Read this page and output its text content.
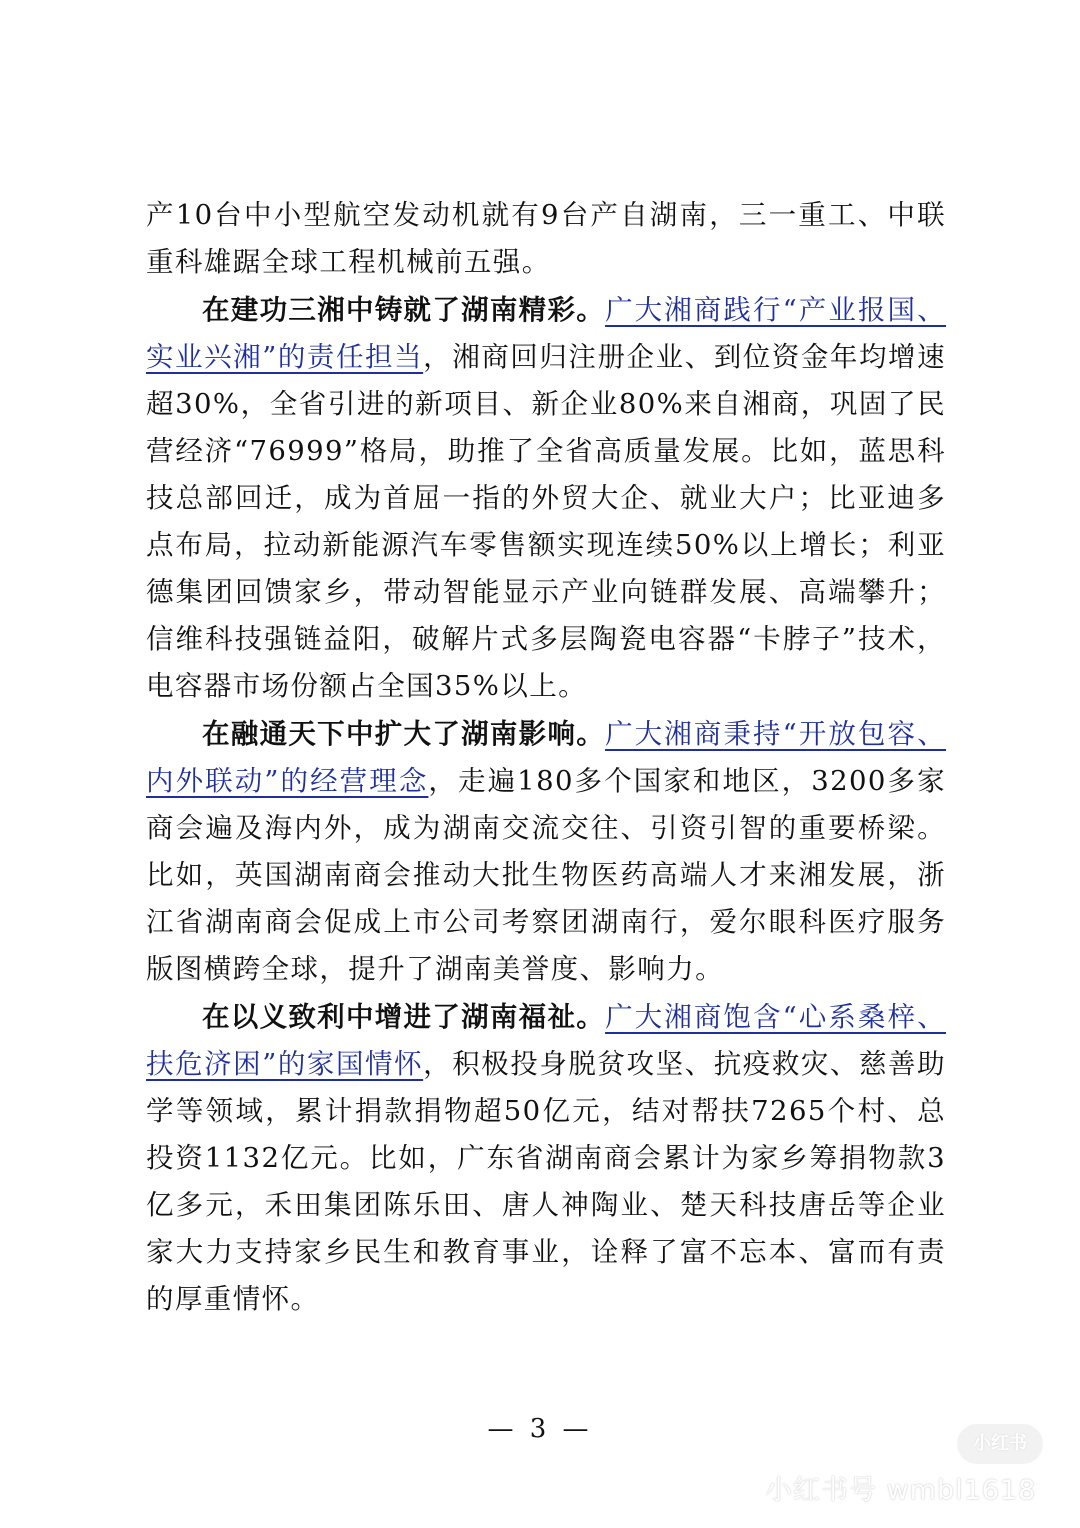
产10台中小型航空发动机就有9台产自湖南，三一重工、中联重科雄踞全球工程机械前五强。

在建功三湘中铸就了湖南精彩。广大湘商践行“产业报国、实业兴湘”的责任担当，湘商回归注册企业、到位资金年均增速超30%，全省引进的新项目、新企业80%来自湘商，巩固了民营经济“76999”格局，助推了全省高质量发展。比如，蓝思科技总部回迁，成为首屈一指的外贸大企、就业大户；比亚迪多点布局，拉动新能源汽车零售额实现连续50%以上增长；利亚德集团回馈家乡，带动智能显示产业向链群发展、高端攀升；信维科技强链益阳，破解片式多层陶瓷电容器“卡脖子”技术，电容器市场份额占全国35%以上。

在融通天下中扩大了湖南影响。广大湘商秉持“开放包容、内外联动”的经营理念，走遍180多个国家和地区，3200多家商会遍及海内外，成为湖南交流交往、引资引智的重要桥梁。比如，英国湖南商会推动大批生物医药高端人才来湘发展，浙江省湖南商会促成上市公司考察团湖南行，爱尔眼科医疗服务版图横跨全球，提升了湖南美誉度、影响力。

在以义致利中增进了湖南福祉。广大湘商饱含“心系桑梓、扶危济困”的家国情怀，积极投身脱贫攻坚、抗疫救灾、慈善助学等领域，累计捐款捐物超50亿元，结对帮扶7265个村、总投资1132亿元。比如，广东省湖南商会累计为家乡筹捐物款3亿多元，禾田集团陈乐田、唐人神陶业、楚天科技唐岳等企业家大力支持家乡民生和教育事业，诠释了富不忘本、富而有责的厚重情怀。

— 3 —	小红书
小红书号 wmbl1618
